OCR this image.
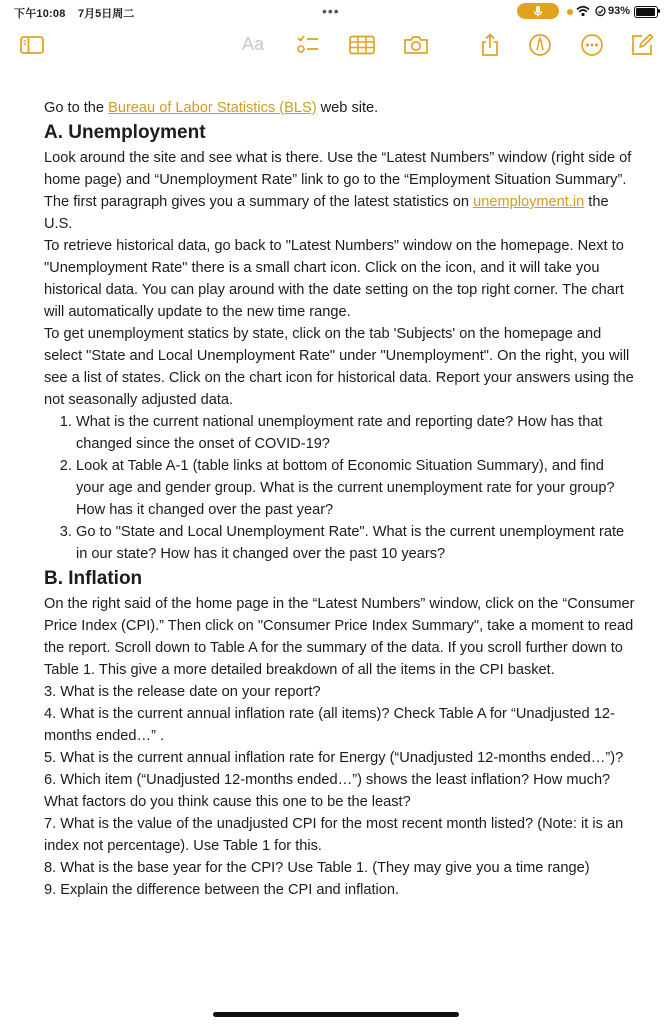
下午10:08 7月5日周二	•••	93%
Aa

Go to the Bureau of Labor Statistics (BLS) web site.

A. Unemployment

Look around the site and see what is there. Use the “Latest Numbers” window (right side of home page) and “Unemployment Rate” link to go to the “Employment Situation Summary”. The first paragraph gives you a summary of the latest statistics on unemployment.in the U.S.

To retrieve historical data, go back to "Latest Numbers" window on the homepage. Next to "Unemployment Rate" there is a small chart icon. Click on the icon, and it will take you historical data. You can play around with the date setting on the top right corner. The chart will automatically update to the new time range.

To get unemployment statics by state, click on the tab 'Subjects' on the homepage and select "State and Local Unemployment Rate" under "Unemployment". On the right, you will see a list of states. Click on the chart icon for historical data. Report your answers using the not seasonally adjusted data.

1. What is the current national unemployment rate and reporting date? How has that changed since the onset of COVID-19?
2. Look at Table A-1 (table links at bottom of Economic Situation Summary), and find your age and gender group. What is the current unemployment rate for your group? How has it changed over the past year?
3. Go to "State and Local Unemployment Rate". What is the current unemployment rate in our state? How has it changed over the past 10 years?
B. Inflation

On the right said of the home page in the “Latest Numbers” window, click on the “Consumer Price Index (CPI).” Then click on "Consumer Price Index Summary", take a moment to read the report. Scroll down to Table A for the summary of the data. If you scroll further down to Table 1. This give a more detailed breakdown of all the items in the CPI basket.

3. What is the release date on your report?

4. What is the current annual inflation rate (all items)? Check Table A for “Unadjusted 12-months ended…” .

5. What is the current annual inflation rate for Energy (“Unadjusted 12-months ended…”)?

6. Which item (“Unadjusted 12-months ended…”) shows the least inflation? How much? What factors do you think cause this one to be the least?

7. What is the value of the unadjusted CPI for the most recent month listed? (Note: it is an index not percentage). Use Table 1 for this.

8. What is the base year for the CPI? Use Table 1. (They may give you a time range)

9. Explain the difference between the CPI and inflation.
